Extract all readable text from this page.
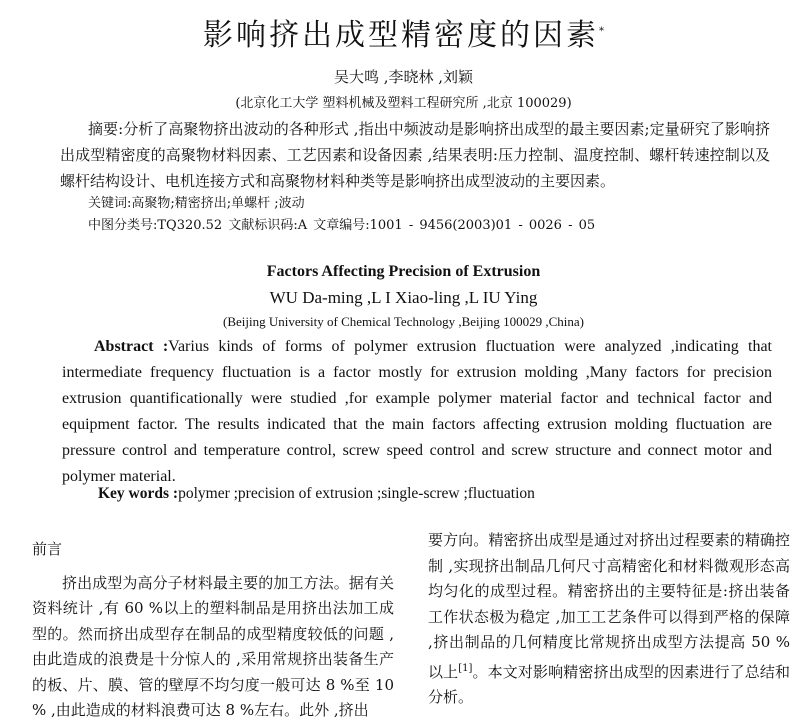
影响挤出成型精密度的因素*
吴大鸣 ,李晓林 ,刘颖
(北京化工大学 塑料机械及塑料工程研究所 ,北京 100029)
摘要:分析了高聚物挤出波动的各种形式 ,指出中频波动是影响挤出成型的最主要因素;定量研究了影响挤出成型精密度的高聚物材料因素、工艺因素和设备因素 ,结果表明:压力控制、温度控制、螺杆转速控制以及螺杆结构设计、电机连接方式和高聚物材料种类等是影响挤出成型波动的主要因素。
关键词:高聚物;精密挤出;单螺杆 ;波动
中图分类号:TQ320.52 文献标识码:A 文章编号:1001 - 9456(2003)01 - 0026 - 05
Factors Affecting Precision of Extrusion
WU Da-ming ,L I Xiao-ling ,L IU Ying
(Beijing University of Chemical Technology ,Beijing 100029 ,China)
Abstract :Varius kinds of forms of polymer extrusion fluctuation were analyzed ,indicating that intermediate frequency fluctuation is a factor mostly for extrusion molding ,Many factors for precision extrusion quantificationally were studied ,for example polymer material factor and technical factor and equipment factor. The results indicated that the main factors affecting extrusion molding fluctuation are pressure control and temperature control, screw speed control and screw structure and connect motor and polymer material.
Key words :polymer ;precision of extrusion ;single-screw ;fluctuation
前言

挤出成型为高分子材料最主要的加工方法。据有关资料统计 ,有 60 %以上的塑料制品是用挤出法加工成型的。然而挤出成型存在制品的成型精度较低的问题 ,由此造成的浪费是十分惊人的 ,采用常规挤出装备生产的板、片、膜、管的壁厚不均匀度一般可达 8 %至 10 % ,由此造成的材料浪费可达 8 %左右。此外 ,挤出

要方向。精密挤出成型是通过对挤出过程要素的精确控制 ,实现挤出制品几何尺寸高精密化和材料微观形态高均匀化的成型过程。精密挤出的主要特征是:挤出装备工作状态极为稳定 ,加工工艺条件可以得到严格的保障 ,挤出制品的几何精度比常规挤出成型方法提高 50 %以上[1]。本文对影响精密挤出成型的因素进行了总结和分析。
